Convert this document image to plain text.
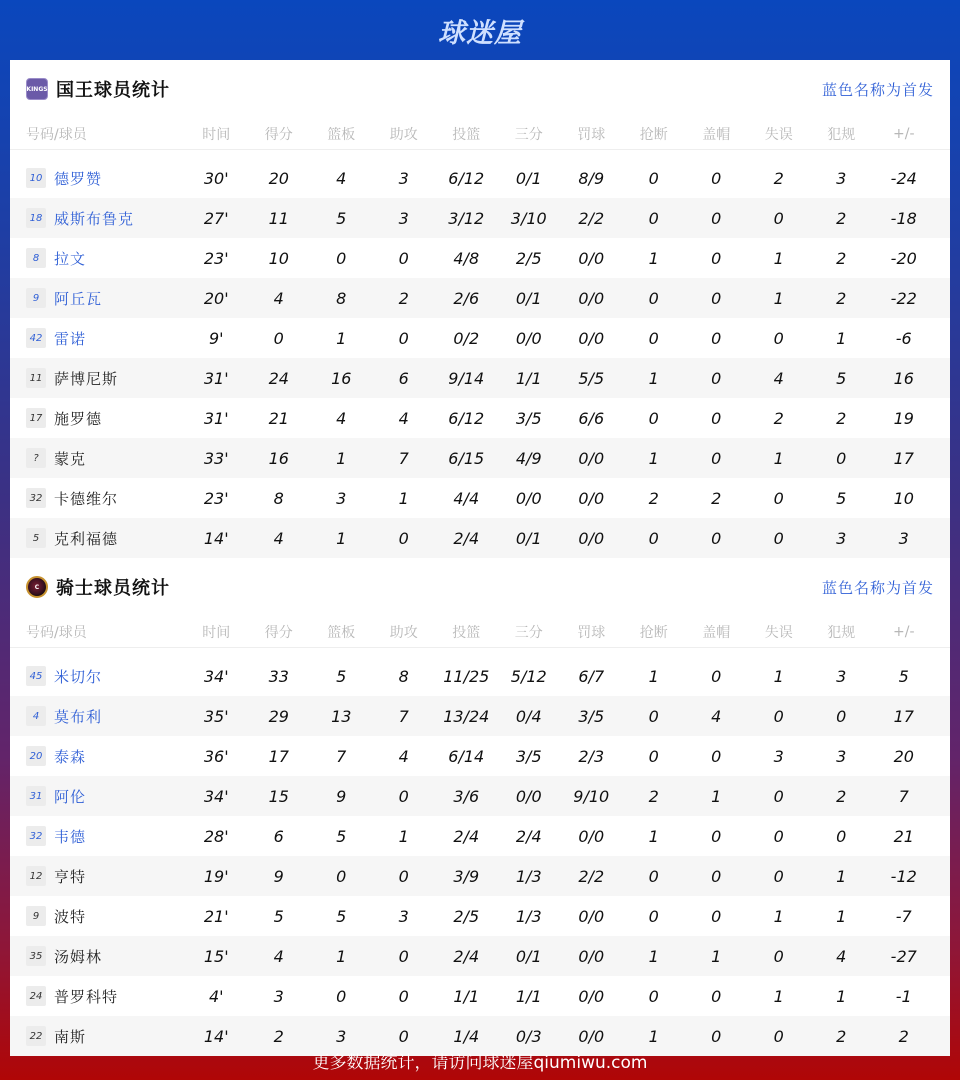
球迷屋
KINGS 国王球员统计	蓝色名称为首发
号码/球员	时间	得分	篮板	助攻	投篮	三分	罚球	抢断	盖帽	失误	犯规	+/-
10 德罗赞	30'	20	4	3	6/12	0/1	8/9	0	0	2	3	-24
18 威斯布鲁克	27'	11	5	3	3/12	3/10	2/2	0	0	0	2	-18
8 拉文	23'	10	0	0	4/8	2/5	0/0	1	0	1	2	-20
9 阿丘瓦	20'	4	8	2	2/6	0/1	0/0	0	0	1	2	-22
42 雷诺	9'	0	1	0	0/2	0/0	0/0	0	0	0	1	-6
11 萨博尼斯	31'	24	16	6	9/14	1/1	5/5	1	0	4	5	16
17 施罗德	31'	21	4	4	6/12	3/5	6/6	0	0	2	2	19
?	蒙克	33'	16	1	7	6/15	4/9	0/0	1	0	1	0	17
32 卡德维尔	23'	8	3	1	4/4	0/0	0/0	2	2	0	5	10
5 克利福德	14'	4	1	0	2/4	0/1	0/0	0	0	0	3	3
C 骑士球员统计	蓝色名称为首发
号码/球员	时间	得分	篮板	助攻	投篮	三分	罚球	抢断	盖帽	失误	犯规	+/-
45 米切尔	34'	33	5	8	11/25	5/12	6/7	1	0	1	3	5
4 莫布利	35'	29	13	7	13/24	0/4	3/5	0	4	0	0	17
20 泰森	36'	17	7	4	6/14	3/5	2/3	0	0	3	3	20
31 阿伦	34'	15	9	0	3/6	0/0	9/10	2	1	0	2	7
32 韦德	28'	6	5	1	2/4	2/4	0/0	1	0	0	0	21
12 亨特	19'	9	0	0	3/9	1/3	2/2	0	0	0	1	-12
9 波特	21'	5	5	3	2/5	1/3	0/0	0	0	1	1	-7
35 汤姆林	15'	4	1	0	2/4	0/1	0/0	1	1	0	4	-27
24 普罗科特	4'	3	0	0	1/1	1/1	0/0	0	0	1	1	-1
22 南斯	14'	2	3	0	1/4	0/3	0/0	1	0	0	2	2
更多数据统计，请访问球迷屋qiumiwu.com
